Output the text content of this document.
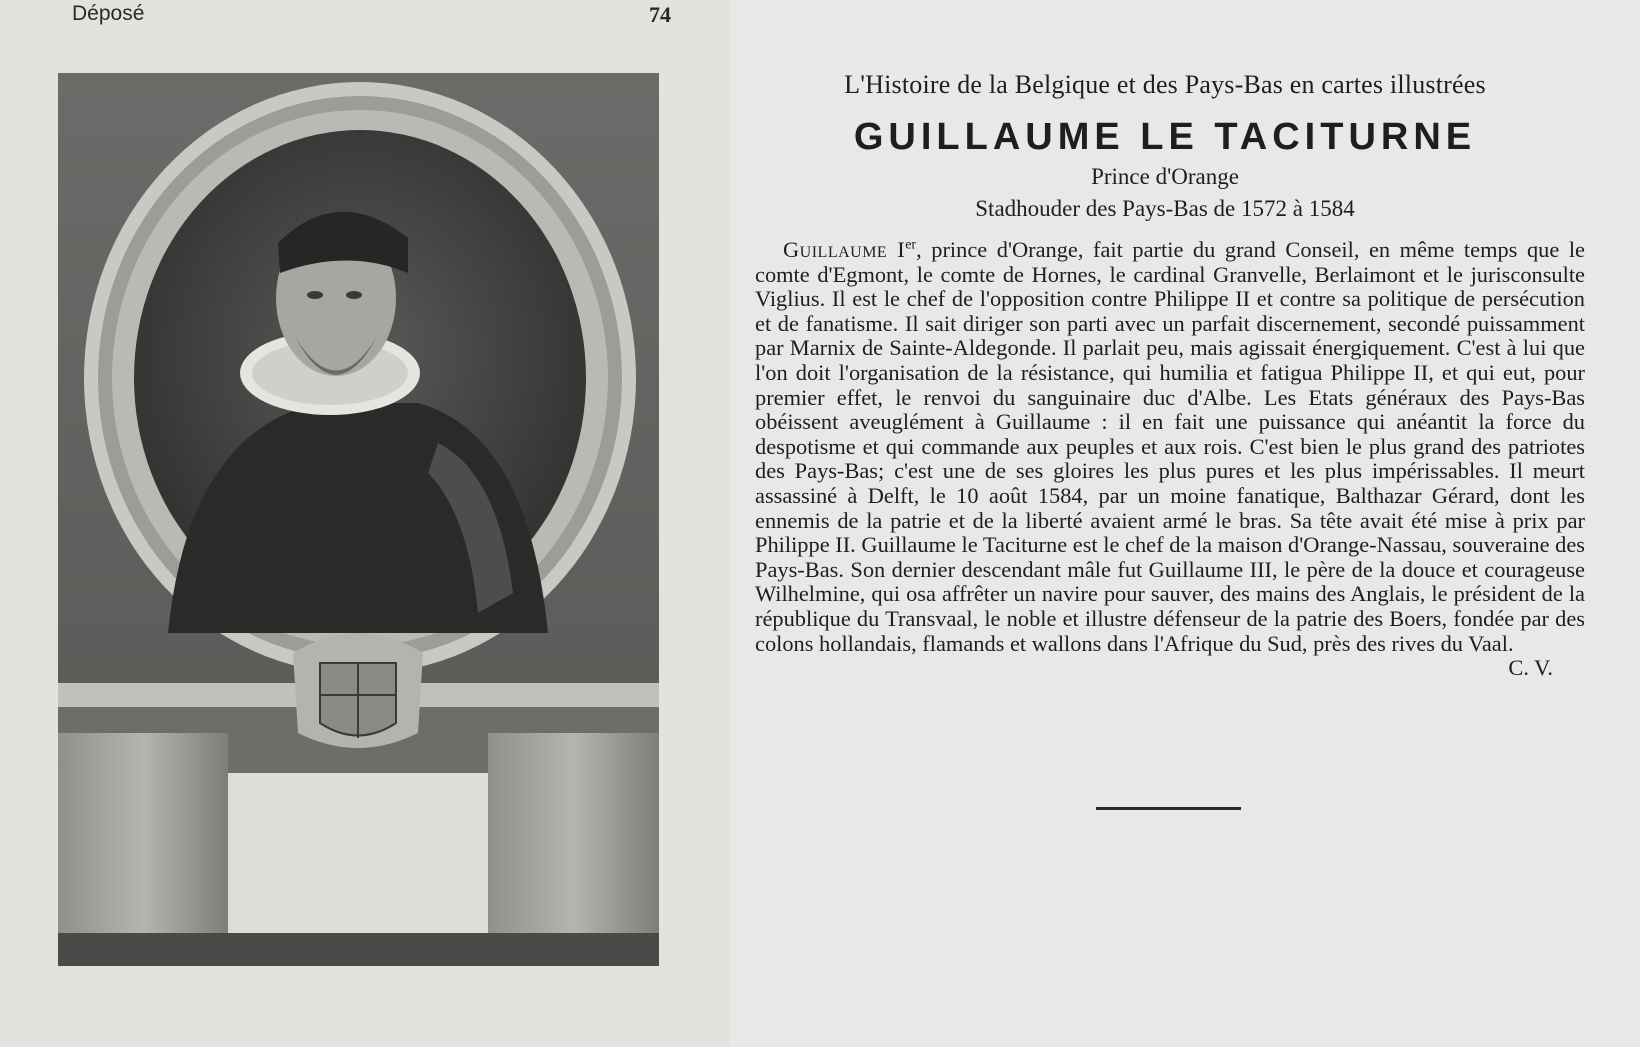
Déposé	74
L'Histoire de la Belgique et des Pays-Bas en cartes illustrées
GUILLAUME LE TACITURNE
Prince d'Orange
Stadhouder des Pays-Bas de 1572 à 1584
Guillaume Ier, prince d'Orange, fait partie du grand Conseil, en même temps que le comte d'Egmont, le comte de Hornes, le cardinal Granvelle, Berlaimont et le jurisconsulte Viglius. Il est le chef de l'opposition contre Philippe II et contre sa politique de persécution et de fanatisme. Il sait diriger son parti avec un parfait discernement, secondé puissamment par Marnix de Sainte-Aldegonde. Il parlait peu, mais agissait énergiquement. C'est à lui que l'on doit l'organisation de la résistance, qui humilia et fatigua Philippe II, et qui eut, pour premier effet, le renvoi du sanguinaire duc d'Albe. Les Etats généraux des Pays-Bas obéissent aveuglément à Guillaume : il en fait une puissance qui anéantit la force du despotisme et qui commande aux peuples et aux rois. C'est bien le plus grand des patriotes des Pays-Bas; c'est une de ses gloires les plus pures et les plus impérissables. Il meurt assassiné à Delft, le 10 août 1584, par un moine fanatique, Balthazar Gérard, dont les ennemis de la patrie et de la liberté avaient armé le bras. Sa tête avait été mise à prix par Philippe II. Guillaume le Taciturne est le chef de la maison d'Orange-Nassau, souveraine des Pays-Bas. Son dernier descendant mâle fut Guillaume III, le père de la douce et courageuse Wilhelmine, qui osa affrêter un navire pour sauver, des mains des Anglais, le président de la république du Transvaal, le noble et illustre défenseur de la patrie des Boers, fondée par des colons hollandais, flamands et wallons dans l'Afrique du Sud, près des rives du Vaal.
C. V.
